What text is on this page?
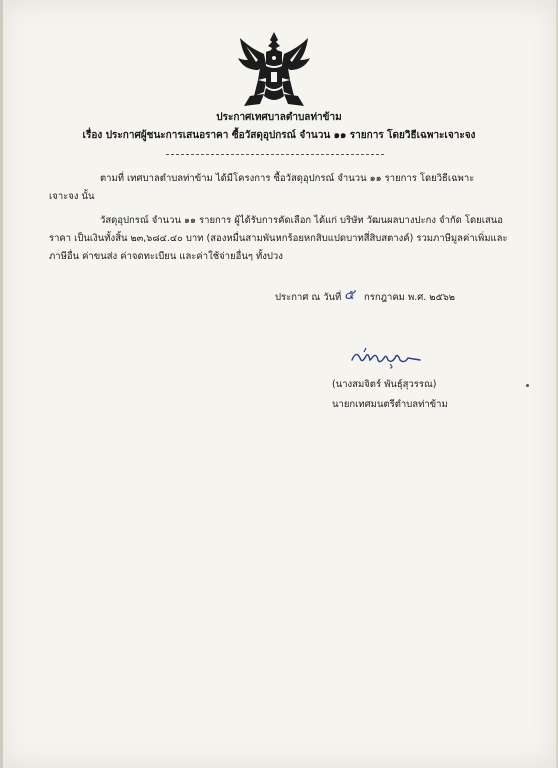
ประกาศเทศบาลตำบลท่าข้าม
เรื่อง ประกาศผู้ชนะการเสนอราคา ซื้อวัสดุอุปกรณ์ จำนวน ๑๑ รายการ โดยวิธีเฉพาะเจาะจง
ตามที่ เทศบาลตำบลท่าข้าม ได้มีโครงการ ซื้อวัสดุอุปกรณ์ จำนวน ๑๑ รายการ โดยวิธีเฉพาะ
เจาะจง นั้น
วัสดุอุปกรณ์ จำนวน ๑๑ รายการ ผู้ได้รับการคัดเลือก ได้แก่ บริษัท วัฒนผลบางปะกง จำกัด โดยเสนอ
ราคา เป็นเงินทั้งสิ้น ๒๓,๖๘๔.๔๐ บาท (สองหมื่นสามพันหกร้อยหกสิบแปดบาทสี่สิบสตางค์) รวมภาษีมูลค่าเพิ่มและ
ภาษีอื่น ค่าขนส่ง ค่าจดทะเบียน และค่าใช้จ่ายอื่นๆ ทั้งปวง
ประกาศ ณ วันที่ ๕ กรกฎาคม พ.ศ. ๒๕๖๒
(นางสมจิตร์ พันธุ์สุวรรณ)
นายกเทศมนตรีตำบลท่าข้าม
